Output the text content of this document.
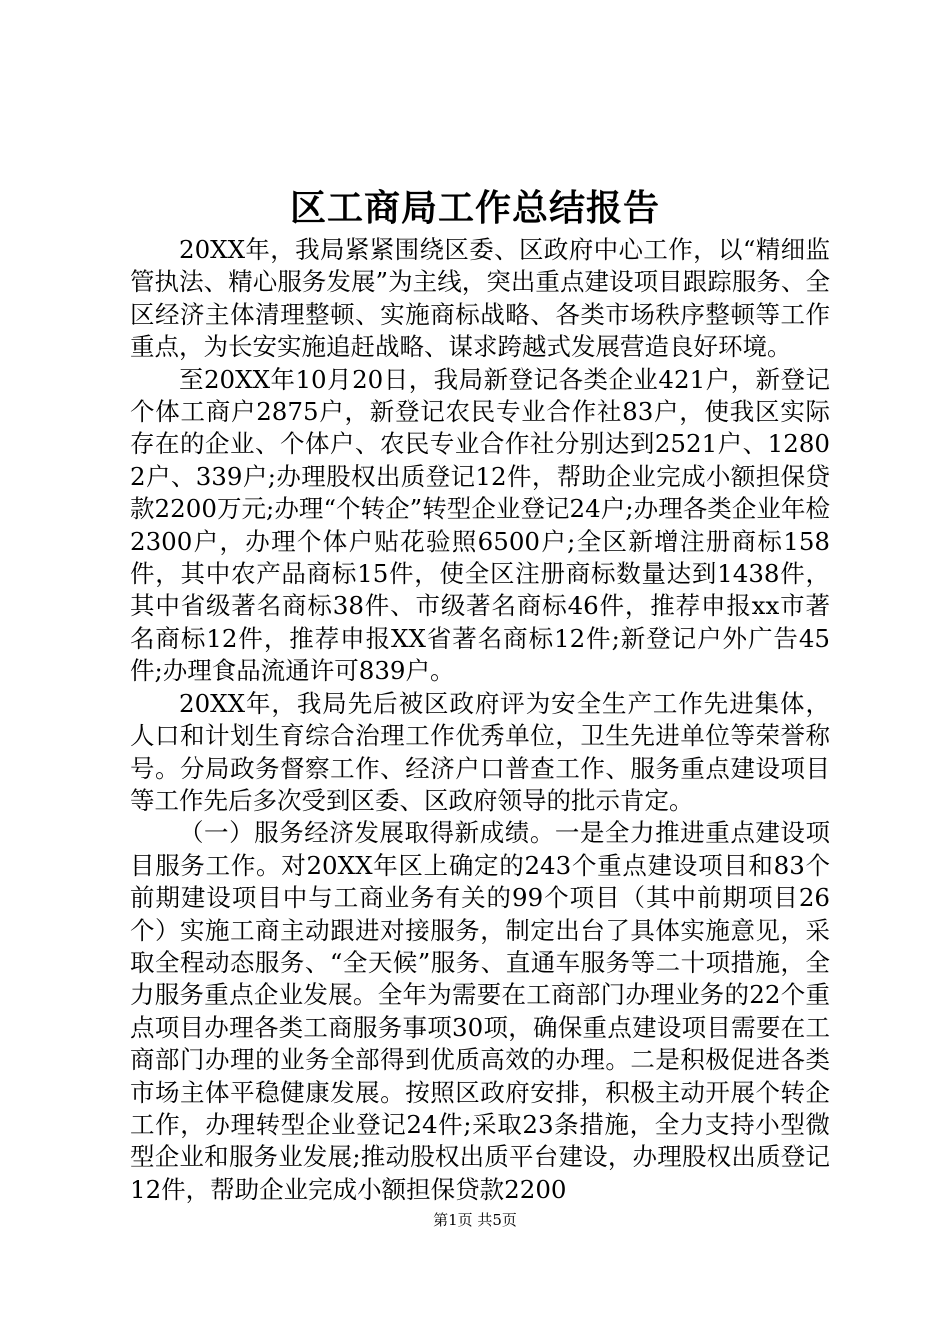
区工商局工作总结报告

20XX年，我局紧紧围绕区委、区政府中心工作，以“精细监管执法、精心服务发展”为主线，突出重点建设项目跟踪服务、全区经济主体清理整顿、实施商标战略、各类市场秩序整顿等工作重点，为长安实施追赶战略、谋求跨越式发展营造良好环境。

至20XX年10月20日，我局新登记各类企业421户，新登记个体工商户2875户，新登记农民专业合作社83户，使我区实际存在的企业、个体户、农民专业合作社分别达到2521户、12802户、339户;办理股权出质登记12件，帮助企业完成小额担保贷款2200万元;办理“个转企”转型企业登记24户;办理各类企业年检2300户，办理个体户贴花验照6500户;全区新增注册商标158件，其中农产品商标15件，使全区注册商标数量达到1438件，其中省级著名商标38件、市级著名商标46件，推荐申报xx市著名商标12件，推荐申报XX省著名商标12件;新登记户外广告45件;办理食品流通许可839户。

20XX年，我局先后被区政府评为安全生产工作先进集体，人口和计划生育综合治理工作优秀单位，卫生先进单位等荣誉称号。分局政务督察工作、经济户口普查工作、服务重点建设项目等工作先后多次受到区委、区政府领导的批示肯定。

（一）服务经济发展取得新成绩。一是全力推进重点建设项目服务工作。对20XX年区上确定的243个重点建设项目和83个前期建设项目中与工商业务有关的99个项目（其中前期项目26个）实施工商主动跟进对接服务，制定出台了具体实施意见，采取全程动态服务、“全天候”服务、直通车服务等二十项措施，全力服务重点企业发展。全年为需要在工商部门办理业务的22个重点项目办理各类工商服务事项30项，确保重点建设项目需要在工商部门办理的业务全部得到优质高效的办理。二是积极促进各类市场主体平稳健康发展。按照区政府安排，积极主动开展个转企工作，办理转型企业登记24件;采取23条措施，全力支持小型微型企业和服务业发展;推动股权出质平台建设，办理股权出质登记12件，帮助企业完成小额担保贷款2200

第1页 共5页
